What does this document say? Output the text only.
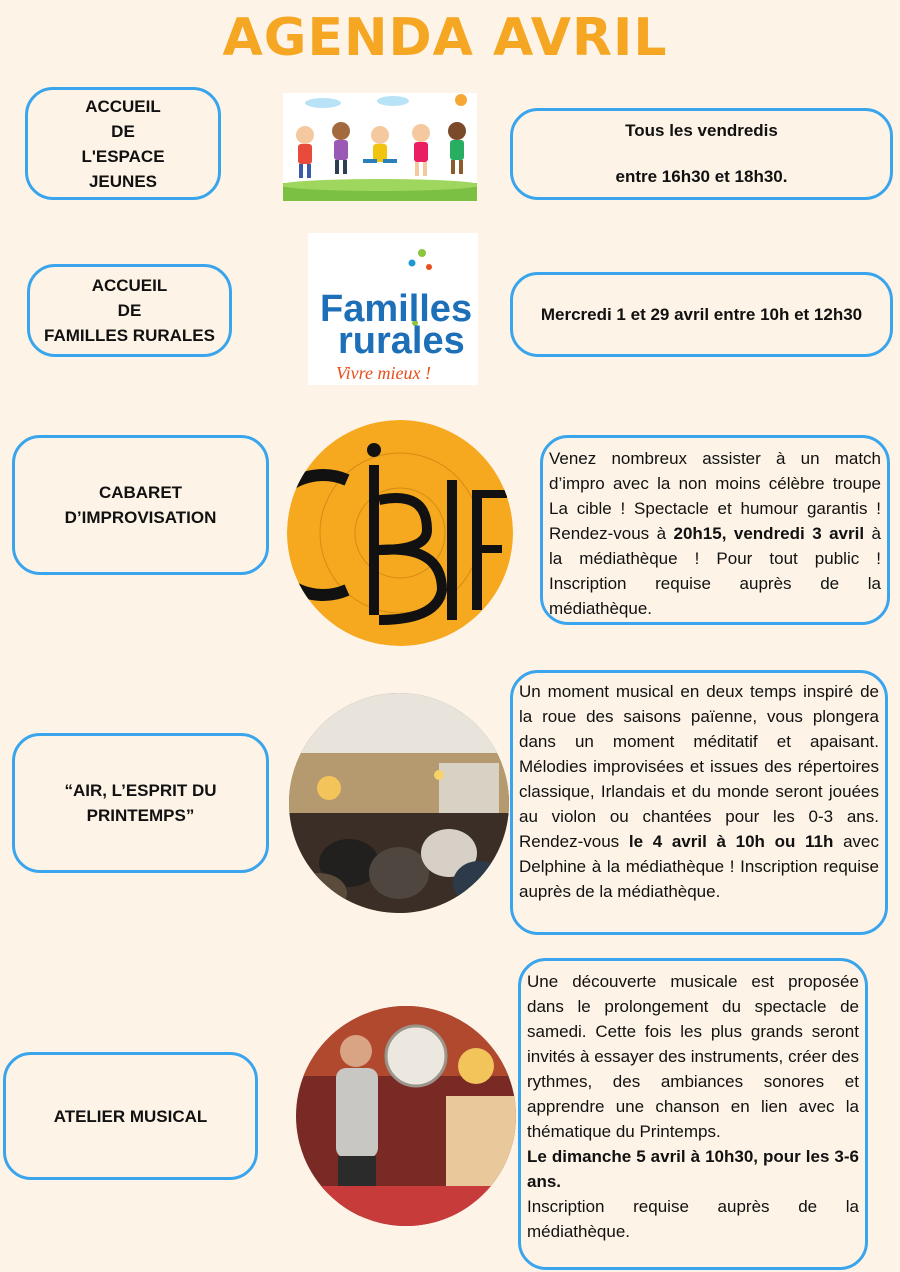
AGENDA AVRIL
ACCUEIL
DE
L'ESPACE
JEUNES
Tous les vendredis
entre 16h30 et 18h30.
ACCUEIL
DE
FAMILLES RURALES
Familles
rurales
Vivre mieux !
Mercredi 1 et 29 avril entre 10h et 12h30
CABARET
D’IMPROVISATION
Venez nombreux assister à un match d’impro avec la non moins célèbre troupe La cible ! Spectacle et humour garantis ! Rendez-vous à 20h15, vendredi 3 avril à la médiathèque ! Pour tout public ! Inscription requise auprès de la médiathèque.
“AIR, L’ESPRIT DU
PRINTEMPS”
Un moment musical en deux temps inspiré de la roue des saisons païenne, vous plongera dans un moment méditatif et apaisant. Mélodies improvisées et issues des répertoires classique, Irlandais et du monde seront jouées au violon ou chantées pour les 0-3 ans. Rendez-vous le 4 avril à 10h ou 11h avec Delphine à la médiathèque ! Inscription requise auprès de la médiathèque.
ATELIER MUSICAL
Une découverte musicale est proposée dans le prolongement du spectacle de samedi. Cette fois les plus grands seront invités à essayer des instruments, créer des rythmes, des ambiances sonores et apprendre une chanson en lien avec la thématique du Printemps.
Le dimanche 5 avril à 10h30, pour les 3-6 ans.
Inscription requise auprès de la médiathèque.
